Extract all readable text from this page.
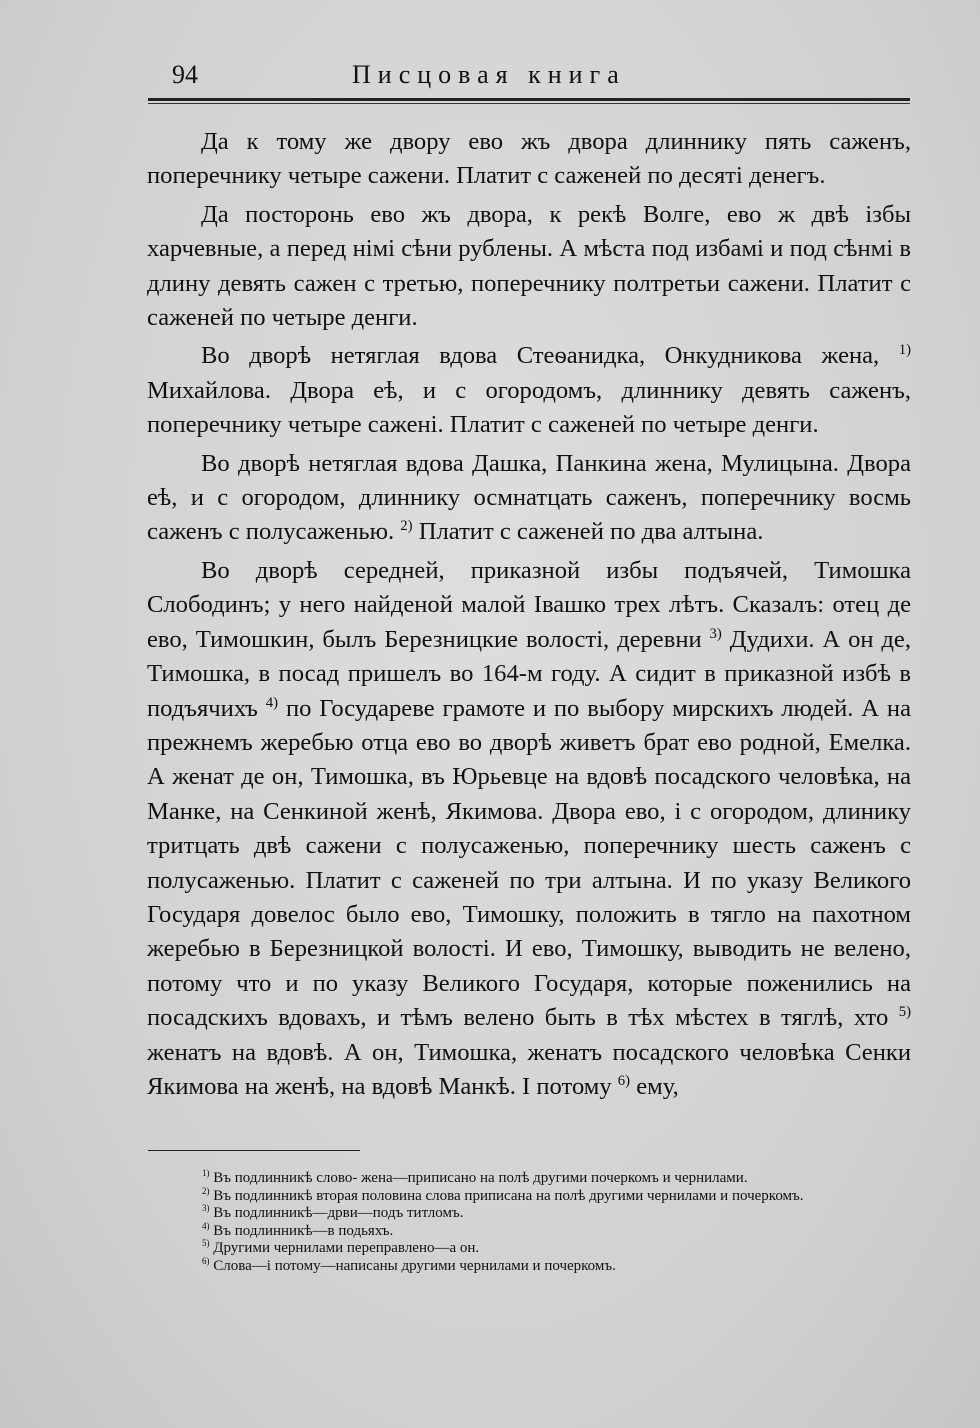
94	Писцовая книга

Да к тому же двору ево жъ двора длиннику пять саженъ, поперечнику четыре сажени. Платит с саженей по десяті денегъ.

Да посторонь ево жъ двора, к рекѣ Волге, ево ж двѣ ізбы харчевные, а перед німі сѣни рублены. А мѣста под избамі и под сѣнмі в длину девять сажен с третью, поперечнику полтретьи сажени. Платит с саженей по четыре денги.

Во дворѣ нетяглая вдова Стеѳанидка, Онкудникова жена, $^{1)}$ Михайлова. Двора еѣ, и с огородомъ, длиннику девять саженъ, поперечнику четыре сажені. Платит с саженей по четыре денги.

Во дворѣ нетяглая вдова Дашка, Панкина жена, Мулицына. Двора еѣ, и с огородом, длиннику осмнатцать саженъ, поперечнику восмь саженъ с полусаженью. $^{2)}$ Платит с саженей по два алтына.

Во дворѣ середней, приказной избы подъячей, Тимошка Слободинъ; у него найденой малой Івашко трех лѣтъ. Сказалъ: отец де ево, Тимошкин, былъ Березницкие волості, деревни $^{3)}$ Дудихи. А он де, Тимошка, в посад пришелъ во 164-м году. А сидит в приказной избѣ в подъячихъ $^{4)}$ по Государеве грамоте и по выбору мирскихъ людей. А на прежнемъ жеребью отца ево во дворѣ живетъ брат ево родной, Емелка. А женат де он, Тимошка, въ Юрьевце на вдовѣ посадского человѣка, на Манке, на Сенкиной женѣ, Якимова. Двора ево, і с огородом, длинику тритцать двѣ сажени с полусаженью, поперечнику шесть саженъ с полусаженью. Платит с саженей по три алтына. И по указу Великого Государя довелос было ево, Тимошку, положить в тягло на пахотном жеребью в Березницкой волості. И ево, Тимошку, выводить не велено, потому что и по указу Великого Государя, которые поженились на посадскихъ вдовахъ, и тѣмъ велено быть в тѣх мѣстех в тяглѣ, хто $^{5)}$ женатъ на вдовѣ. А он, Тимошка, женатъ посадского человѣка Сенки Якимова на женѣ, на вдовѣ Манкѣ. І потому $^{6)}$ ему,

$^{1)}$ Въ подлинникѣ слово- жена—приписано на полѣ другими почеркомъ и чернилами.

$^{2)}$ Въ подлинникѣ вторая половина слова приписана на полѣ другими чернилами и почеркомъ.

$^{3)}$ Въ подлинникѣ—дрви—подъ титломъ.

$^{4)}$ Въ подлинникѣ—в подьяхъ.

$^{5)}$ Другими чернилами переправлено—а он.

$^{6)}$ Слова—і потому—написаны другими чернилами и почеркомъ.
